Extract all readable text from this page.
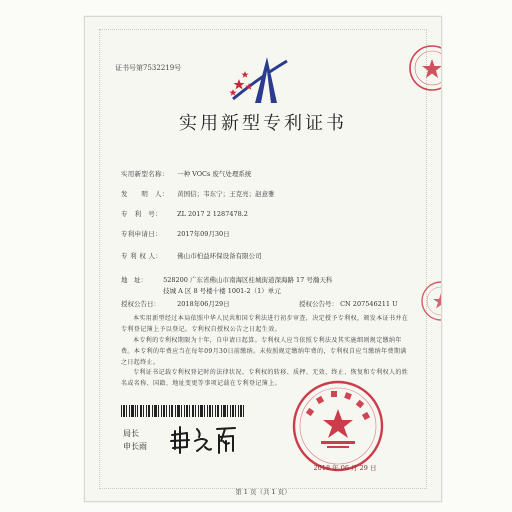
证书号第7532219号
实用新型专利证书
实用新型名称： 一种 VOCs 废气处理系统
发　　明　人： 黄国信；韦东宁；王克亮；赵意雅
专　利　号： ZL 2017 2 1287478.2
专利申请日： 2017年09月30日
专 利 权 人： 佛山市柏益环保设备有限公司
地　址： 528200 广东省佛山市南海区桂城街道深海路 17 号瀚天科
技城 A 区 8 号楼十楼 1001-2（1）单元
授权公告日：	2018年06月29日	授权公告号： CN 207546211 U
本实用新型经过本局依照中华人民共和国专利法进行初步审查，决定授予专利权，颁发本证书并在专利登记簿上予以登记。专利权自授权公告之日起生效。
本专利的专利权期限为十年，自申请日起算。专利权人应当依照专利法及其实施细则规定缴纳年费。本专利的年费应当在每年09月30日前缴纳。未按照规定缴纳年费的，专利权自应当缴纳年费期满之日起终止。
专利证书记载专利权登记时的法律状况。专利权的转移、质押、无效、终止、恢复和专利权人的姓名或名称、国籍、地址变更等事项记载在专利登记簿上。
局长
申长雨
2018 年 06 月 29 日
第 1 页（共 1 页）
